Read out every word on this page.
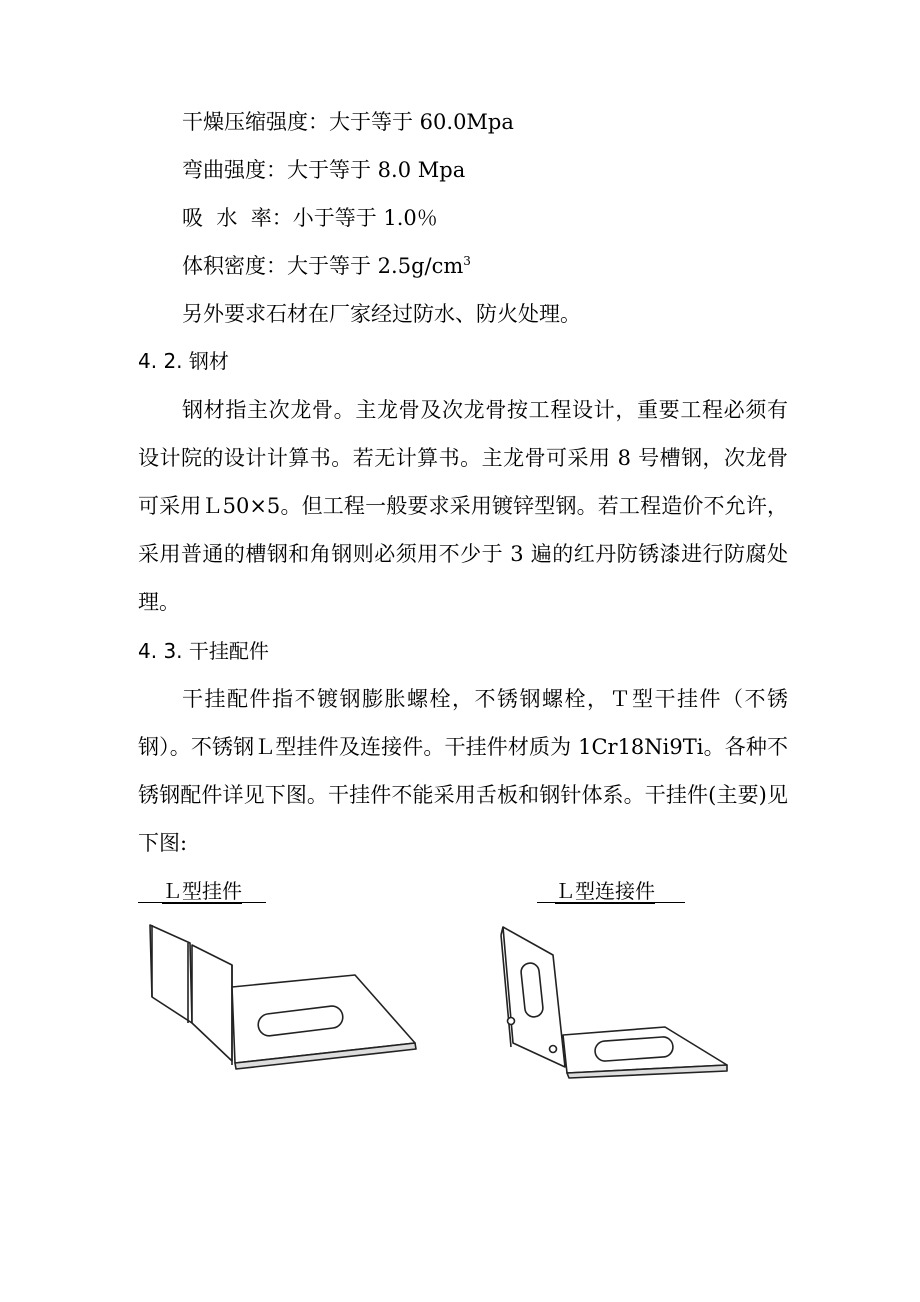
干燥压缩强度：大于等于 60.0Mpa
弯曲强度：大于等于 8.0 Mpa
吸  水  率：小于等于 1.0％
体积密度：大于等于 $2.5g/cm^3$
另外要求石材在厂家经过防水、防火处理。
4. 2. 钢材

钢材指主次龙骨。主龙骨及次龙骨按工程设计，重要工程必须有设计院的设计计算书。若无计算书。主龙骨可采用 8 号槽钢，次龙骨可采用Ｌ50×5。但工程一般要求采用镀锌型钢。若工程造价不允许，采用普通的槽钢和角钢则必须用不少于 3 遍的红丹防锈漆进行防腐处理。

4. 3. 干挂配件

干挂配件指不镀钢膨胀螺栓，不锈钢螺栓，Ｔ型干挂件（不锈钢）。不锈钢Ｌ型挂件及连接件。干挂件材质为 1Cr18Ni9Ti。各种不锈钢配件详见下图。干挂件不能采用舌板和钢针体系。干挂件(主要)见下图:

Ｌ型挂件	Ｌ型连接件
